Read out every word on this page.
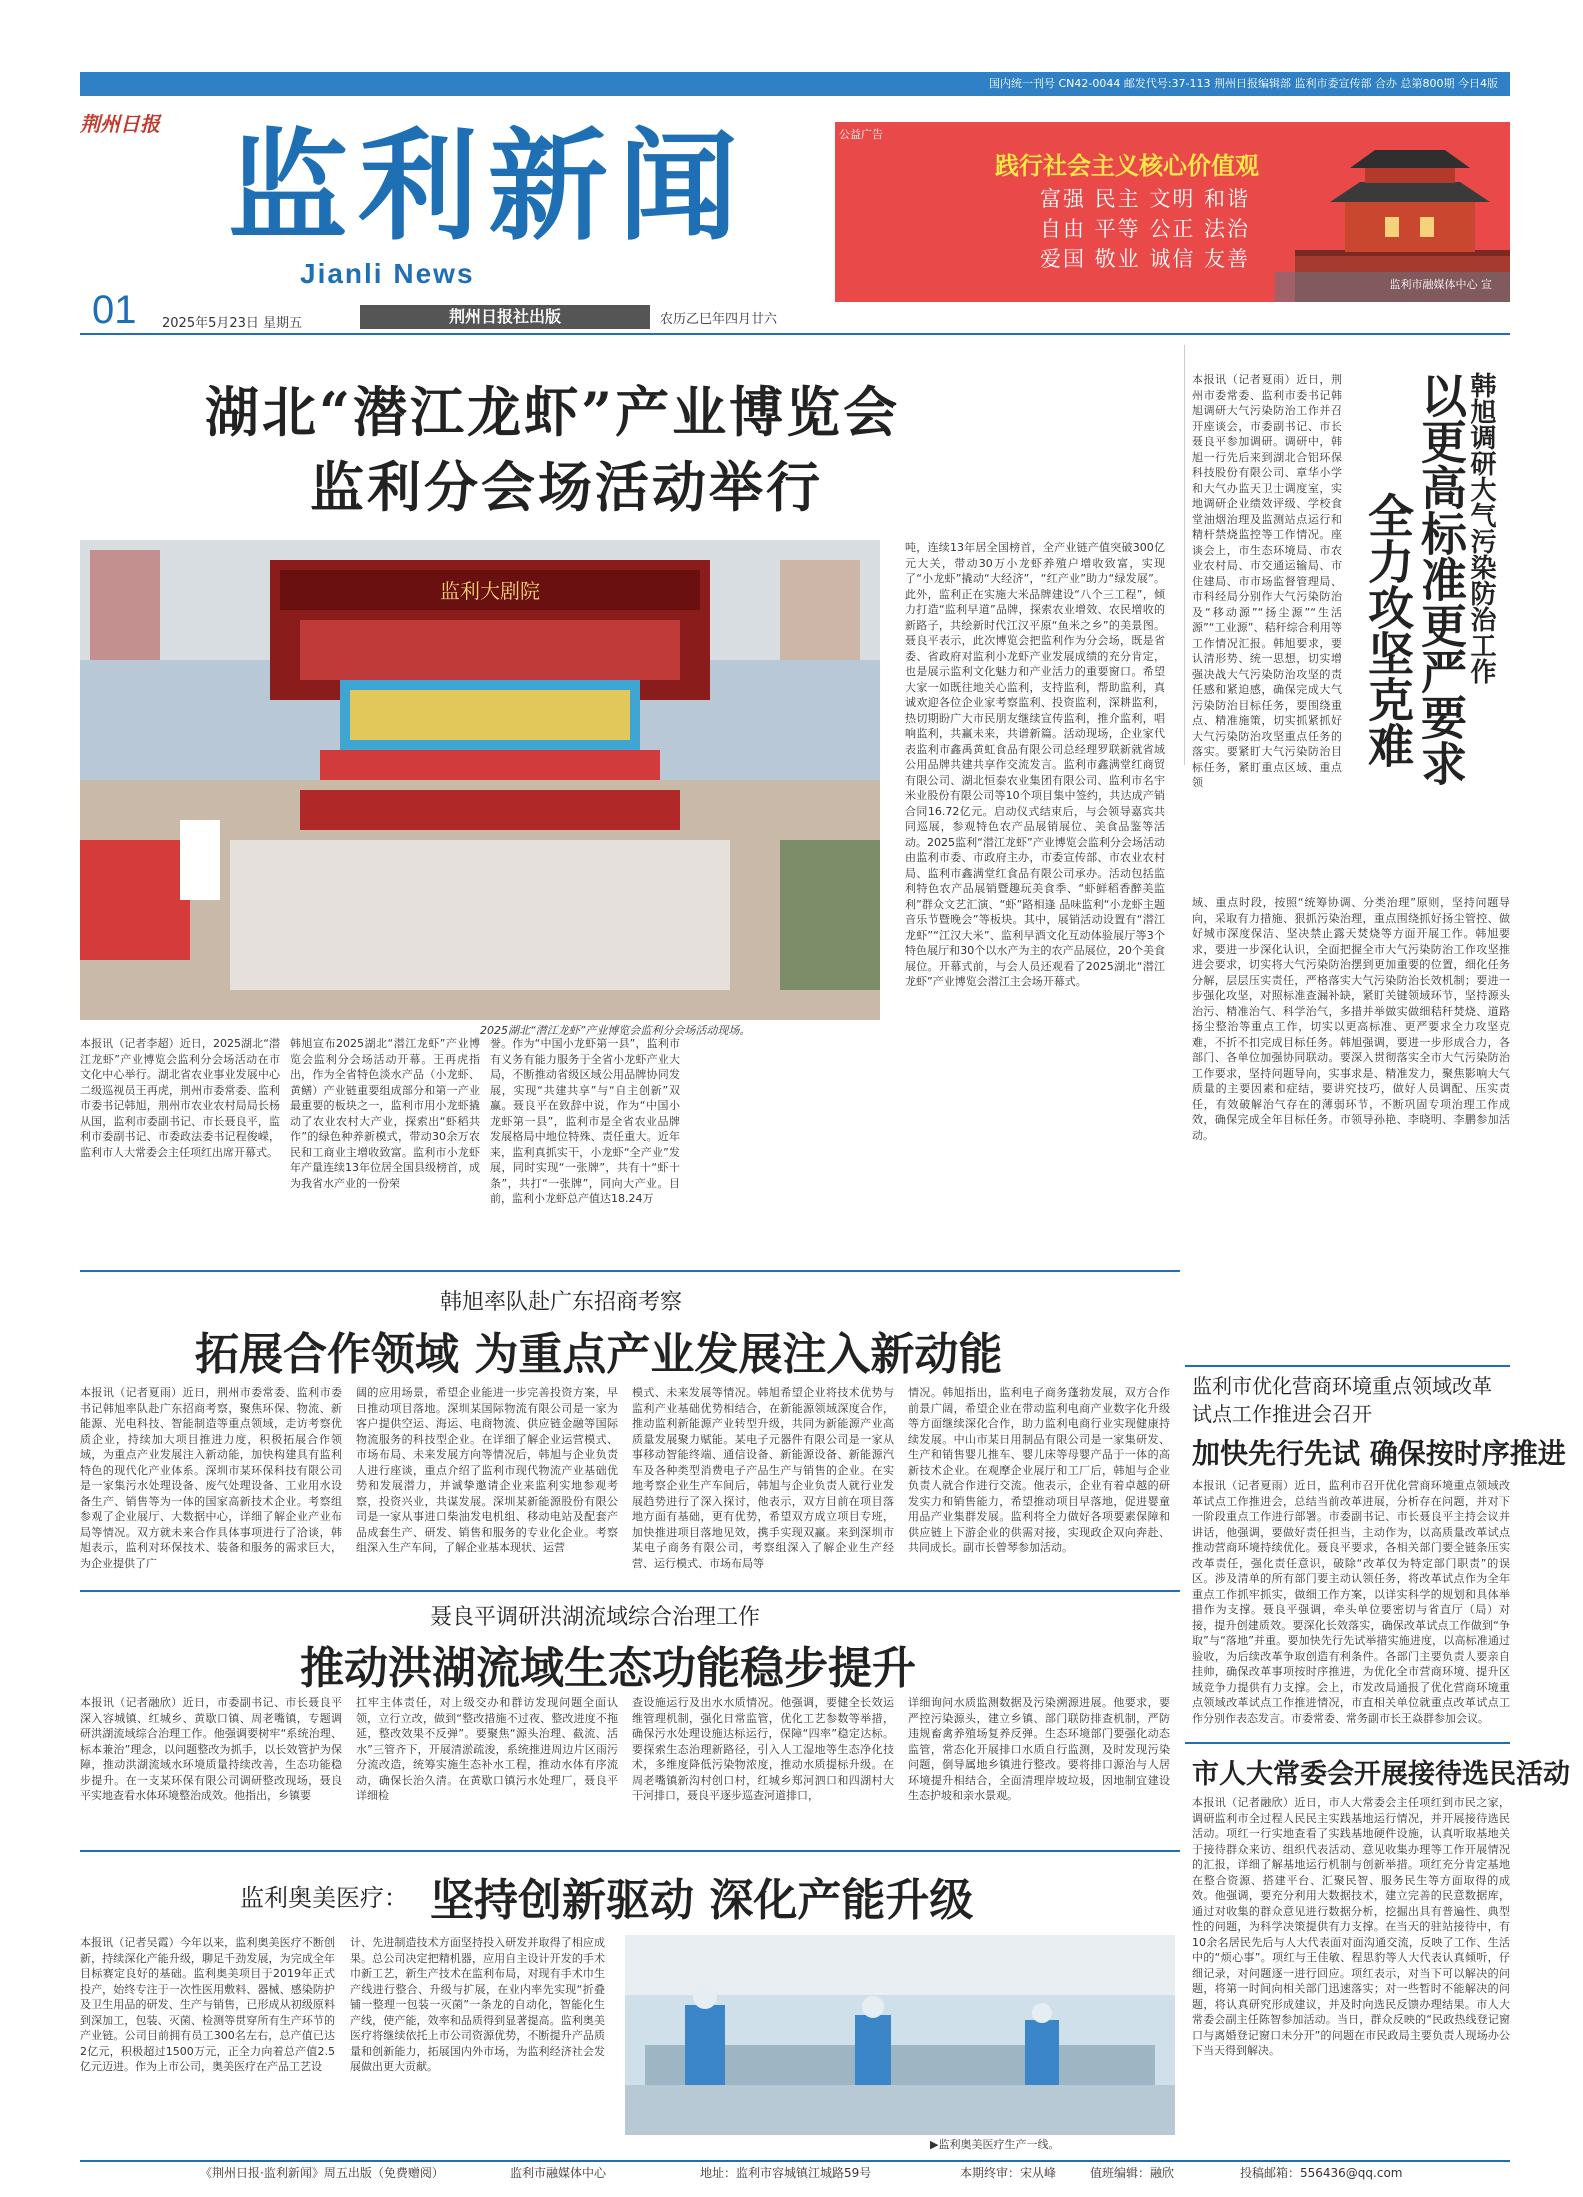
国内统一刊号 CN42-0044 邮发代号:37-113 荆州日报编辑部 监利市委宣传部 合办 总第800期 今日4版
荆州日报 监利新闻
Jianli News
公益广告
践行社会主义核心价值观
富强 民主 文明 和谐
自由 平等 公正 法治
爱国 敬业 诚信 友善
监利市融媒体中心 宣
01 2025年5月23日 星期五	荆州日报社出版	农历乙巳年四月廿六
湖北“潜江龙虾”产业博览会
监利分会场活动举行
监利大剧院
2025湖北“潜江龙虾”产业博览会监利分会场活动现场。
本报讯（记者李超）近日，2025湖北“潜江龙虾”产业博览会监利分会场活动在市文化中心举行。湖北省农业事业发展中心二级巡视员王再虎，荆州市委常委、监利市委书记韩旭，荆州市农业农村局局长杨从国，监利市委副书记、市长聂良平，监利市委副书记、市委政法委书记程俊嵘，监利市人大常委会主任项红出席开幕式。
韩旭宣布2025湖北“潜江龙虾”产业博览会监利分会场活动开幕。王再虎指出，作为全省特色淡水产品（小龙虾、黄鳝）产业链重要组成部分和第一产业最重要的板块之一，监利市用小龙虾撬动了农业农村大产业，探索出“虾稻共作”的绿色种养新模式，带动30余万农民和工商业主增收致富。监利市小龙虾年产量连续13年位居全国县级榜首，成为我省水产业的一份荣
誉。作为“中国小龙虾第一县”，监利市有义务有能力服务于全省小龙虾产业大局，不断推动省级区域公用品牌协同发展，实现“共建共享”与“自主创新”双赢。聂良平在致辞中说，作为“中国小龙虾第一县”，监利市是全省农业品牌发展格局中地位特殊、责任重大。近年来，监利真抓实干，小龙虾“全产业”发展，同时实现“一张牌”，共有十“虾十条”，共打“一张牌”，同向大产业。目前，监利小龙虾总产值达18.24万
吨，连续13年居全国榜首，全产业链产值突破300亿元大关，带动30万小龙虾养殖户增收致富，实现了“小龙虾”撬动“大经济”，“红产业”助力“绿发展”。此外，监利正在实施大米品牌建设“八个三工程”，倾力打造“监利早道”品牌，探索农业增效、农民增收的新路子，共绘新时代江汉平原“鱼米之乡”的美景图。聂良平表示，此次博览会把监利作为分会场，既是省委、省政府对监利小龙虾产业发展成绩的充分肯定，也是展示监利文化魅力和产业活力的重要窗口。希望大家一如既往地关心监利，支持监利，帮助监利，真诚欢迎各位企业家考察监利、投资监利，深耕监利，热切期盼广大市民朋友继续宣传监利，推介监利，唱响监利，共赢未来，共谱新篇。活动现场，企业家代表监利市鑫禹黄虹食品有限公司总经理罗联新就省域公用品牌共建共享作交流发言。监利市鑫满堂红商贸有限公司、湖北恒泰农业集团有限公司、监利市名宇米业股份有限公司等10个项目集中签约，共达成产销合同16.72亿元。启动仪式结束后，与会领导嘉宾共同巡展，参观特色农产品展销展位、美食品鉴等活动。2025监利“潜江龙虾”产业博览会监利分会场活动由监利市委、市政府主办，市委宣传部、市农业农村局、监利市鑫满堂红食品有限公司承办。活动包括监利特色农产品展销暨趣玩美食季、“虾鲜稻香醉美监利”群众文艺汇演、“虾”路相逢 品味监利“小龙虾主题音乐节暨晚会”等板块。其中，展销活动设置有“潜江龙虾”“江汉大米”、监利早酒文化互动体验展厅等3个特色展厅和30个以水产为主的农产品展位，20个美食展位。开幕式前，与会人员还观看了2025湖北“潜江龙虾”产业博览会潜江主会场开幕式。
本报讯（记者夏雨）近日，荆州市委常委、监利市委书记韩旭调研大气污染防治工作并召开座谈会，市委副书记、市长聂良平参加调研。调研中，韩旭一行先后来到湖北合铝环保科技股份有限公司、章华小学和大气办监天卫士调度室，实地调研企业绩效评级、学校食堂油烟治理及监测站点运行和精杆禁烧监控等工作情况。座谈会上，市生态环境局、市农业农村局、市交通运输局、市住建局、市市场监督管理局、市科经局分别作大气污染防治及“移动源”“扬尘源”“生活源”“工业源”、秸秆综合利用等工作情况汇报。韩旭要求，要认清形势、统一思想，切实增强决战大气污染防治攻坚的责任感和紧迫感，确保完成大气污染防治目标任务，要围绕重点、精准施策，切实抓紧抓好大气污染防治攻坚重点任务的落实。要紧盯大气污染防治目标任务，紧盯重点区域、重点领
韩旭调研大气污染防治工作
以更高标准更严要求
全力攻坚克难
域、重点时段，按照“统筹协调、分类治理”原则，坚持问题导向，采取有力措施、狠抓污染治理，重点围绕抓好扬尘管控、做好城市深度保洁、坚决禁止露天焚烧等方面开展工作。韩旭要求，要进一步深化认识，全面把握全市大气污染防治工作攻坚推进会要求，切实将大气污染防治摆到更加重要的位置，细化任务分解，层层压实责任，严格落实大气污染防治长效机制；要进一步强化攻坚，对照标准查漏补缺，紧盯关键领域环节，坚持源头治污、精准治气、科学治气，多措并举做实做细秸秆焚烧、道路扬尘整治等重点工作，切实以更高标准、更严要求全力攻坚克难，不折不扣完成目标任务。韩旭强调，要进一步形成合力，各部门、各单位加强协同联动。要深入贯彻落实全市大气污染防治工作要求，坚持问题导向，实事求是、精准发力，聚焦影响大气质量的主要因素和症结，要讲究技巧，做好人员调配、压实责任，有效破解治气存在的薄弱环节，不断巩固专项治理工作成效，确保完成全年目标任务。市领导孙艳、李晓明、李鹏参加活动。
监利市优化营商环境重点领域改革试点工作推进会召开
加快先行先试 确保按时序推进
本报讯（记者夏雨）近日，监利市召开优化营商环境重点领域改革试点工作推进会，总结当前改革进展，分析存在问题，并对下一阶段重点工作进行部署。市委副书记、市长聂良平主持会议并讲话，他强调，要做好责任担当，主动作为，以高质量改革试点推动营商环境持续优化。聂良平要求，各相关部门要全链条压实改革责任，强化责任意识，破除“改革仅为特定部门职责”的误区。涉及清单的所有部门要主动认领任务，将改革试点作为全年重点工作抓牢抓实，做细工作方案，以详实科学的规划和具体举措作为支撑。聂良平强调，牵头单位要密切与省直厅（局）对接，提升创建质效。要深化长效落实，确保改革试点工作做到“争取”与“落地”并重。要加快先行先试举措实施进度，以高标准通过验收，为后续改革争取创造有利条件。各部门主要负责人要亲自挂帅，确保改革事项按时序推进，为优化全市营商环境、提升区域竞争力提供有力支撑。会上，市发改局通报了优化营商环境重点领域改革试点工作推进情况，市直相关单位就重点改革试点工作分别作表态发言。市委常委、常务副市长王焱群参加会议。
市人大常委会开展接待选民活动
本报讯（记者融欣）近日，市人大常委会主任项红到市民之家，调研监利市全过程人民民主实践基地运行情况，并开展接待选民活动。项红一行实地查看了实践基地硬件设施，认真听取基地关于接待群众来访、组织代表活动、意见收集办理等工作开展情况的汇报，详细了解基地运行机制与创新举措。项红充分肯定基地在整合资源、搭建平台、汇聚民智、服务民生等方面取得的成效。他强调，要充分利用大数据技术，建立完善的民意数据库，通过对收集的群众意见进行数据分析，挖掘出具有普遍性、典型性的问题，为科学决策提供有力支撑。在当天的驻站接待中，有10余名居民先后与人大代表面对面沟通交流，反映了工作、生活中的“烦心事”。项红与王佳敏、程思豹等人大代表认真倾听，仔细记录，对问题逐一进行回应。项红表示，对当下可以解决的问题，将第一时间向相关部门迅速落实；对一些暂时不能解决的问题，将认真研究形成建议，并及时向选民反馈办理结果。市人大常委会副主任陈智参加活动。当日，群众反映的“民政热线登记窗口与离婚登记窗口未分开”的问题在市民政局主要负责人现场办公下当天得到解决。
韩旭率队赴广东招商考察
拓展合作领域 为重点产业发展注入新动能
本报讯（记者夏雨）近日，荆州市委常委、监利市委书记韩旭率队赴广东招商考察，聚焦环保、物流、新能源、光电科技、智能制造等重点领域，走访考察优质企业，持续加大项目推进力度，积极拓展合作领域，为重点产业发展注入新动能，加快构建具有监利特色的现代化产业体系。深圳市某环保科技有限公司是一家集污水处理设备、废气处理设备、工业用水设备生产、销售等为一体的国家高新技术企业。考察组参观了企业展厅、大数据中心，详细了解企业产业布局等情况。双方就未来合作具体事项进行了洽谈，韩旭表示，监利对环保技术、装备和服务的需求巨大，为企业提供了广
阔的应用场景，希望企业能进一步完善投资方案，早日推动项目落地。深圳某国际物流有限公司是一家为客户提供空运、海运、电商物流、供应链金融等国际物流服务的科技型企业。在详细了解企业运营模式、市场布局、未来发展方向等情况后，韩旭与企业负责人进行座谈，重点介绍了监利市现代物流产业基础优势和发展潜力，并诚挚邀请企业来监利实地参观考察，投资兴业，共谋发展。深圳某新能源股份有限公司是一家从事进口柴油发电机组、移动电站及配套产品成套生产、研发、销售和服务的专业化企业。考察组深入生产车间，了解企业基本现状、运营
模式、未来发展等情况。韩旭希望企业将技术优势与监利产业基础优势相结合，在新能源领域深度合作，推动监利新能源产业转型升级，共同为新能源产业高质量发展聚力赋能。某电子元器件有限公司是一家从事移动智能终端、通信设备、新能源设备、新能源汽车及各种类型消费电子产品生产与销售的企业。在实地考察企业生产车间后，韩旭与企业负责人就行业发展趋势进行了深入探讨，他表示，双方目前在项目落地方面有基础，更有优势，希望双方成立项目专班，加快推进项目落地见效，携手实现双赢。来到深圳市某电子商务有限公司，考察组深入了解企业生产经营、运行模式、市场布局等
情况。韩旭指出，监利电子商务蓬勃发展，双方合作前景广阔，希望企业在带动监利电商产业数字化升级等方面继续深化合作，助力监利电商行业实现健康持续发展。中山市某日用制品有限公司是一家集研发、生产和销售婴儿推车、婴儿床等母婴产品于一体的高新技术企业。在观摩企业展厅和工厂后，韩旭与企业负责人就合作进行交流。他表示，企业有着卓越的研发实力和销售能力，希望推动项目早落地，促进婴童用品产业集群发展。监利将全力做好各项要素保障和供应链上下游企业的供需对接，实现政企双向奔赴、共同成长。副市长曾琴参加活动。
聂良平调研洪湖流域综合治理工作
推动洪湖流域生态功能稳步提升
本报讯（记者融欣）近日，市委副书记、市长聂良平深入容城镇、红城乡、黄歇口镇、周老嘴镇，专题调研洪湖流域综合治理工作。他强调要树牢“系统治理、标本兼治”理念，以问题整改为抓手，以长效管护为保障，推动洪湖流域水环境质量持续改善，生态功能稳步提升。在一支某环保有限公司调研整改现场，聂良平实地查看水体环境整治成效。他指出，乡镇要
扛牢主体责任，对上级交办和群访发现问题全面认领，立行立改，做到“整改措施不过夜、整改进度不拖延，整改效果不反弹”。要聚焦“源头治理、截流、活水”三管齐下，开展清淤疏浚，系统推进周边片区雨污分流改造，统筹实施生态补水工程，推动水体有序流动，确保长治久清。在黄歇口镇污水处理厂，聂良平详细检
查设施运行及出水水质情况。他强调，要健全长效运维管理机制，强化日常监管，优化工艺参数等举措，确保污水处理设施达标运行，保障“四率”稳定达标。要探索生态治理新路径，引入人工湿地等生态净化技术，多维度降低污染物浓度，推动水质提标升级。在周老嘴镇新沟村创口村，红城乡郑河泗口和四湖村大干河排口，聂良平逐步巡查河道排口，
详细询问水质监测数据及污染溯源进展。他要求，要严控污染源头，建立乡镇、部门联防排查机制，严防违规畜禽养殖场复养反弹。生态环境部门要强化动态监管，常态化开展排口水质自行监测，及时发现污染问题，倒导属地乡镇进行整改。要将排口源治与人居环境提升相结合，全面清理岸坡垃圾，因地制宜建设生态护坡和亲水景观。
监利奥美医疗： 坚持创新驱动 深化产能升级
本报讯（记者吴霞）今年以来，监利奥美医疗不断创新，持续深化产能升级，聊足千劲发展，为完成全年目标赛定良好的基础。监利奥美项目于2019年正式投产，始终专注于一次性医用敷料、器械、感染防护及卫生用品的研发、生产与销售，已形成从初级原料到深加工，包装、灭菌、检测等贯穿所有生产环节的产业链。公司目前拥有员工300名左右，总产值已达2亿元，积极超过1500万元，正全力向着总产值2.5亿元迈进。作为上市公司，奥美医疗在产品工艺设
计、先进制造技术方面坚持投入研发并取得了相应成果。总公司决定把精机器，应用自主设计开发的手术巾新工艺，新生产技术在监利布局，对现有手术巾生产线进行整合、升级与扩展，在业内率先实现“折叠铺一整理一包装一灭菌”一条龙的自动化，智能化生产线，使产能，效率和品质得到显著提高。监利奥美医疗将继续依托上市公司资源优势，不断提升产品质量和创新能力，拓展国内外市场，为监利经济社会发展做出更大贡献。
▶监利奥美医疗生产一线。
《荆州日报·监利新闻》周五出版（免费赠阅）	监利市融媒体中心	地址：监利市容城镇江城路59号	本期终审：宋从峰	值班编辑：融欣	投稿邮箱：556436@qq.com
